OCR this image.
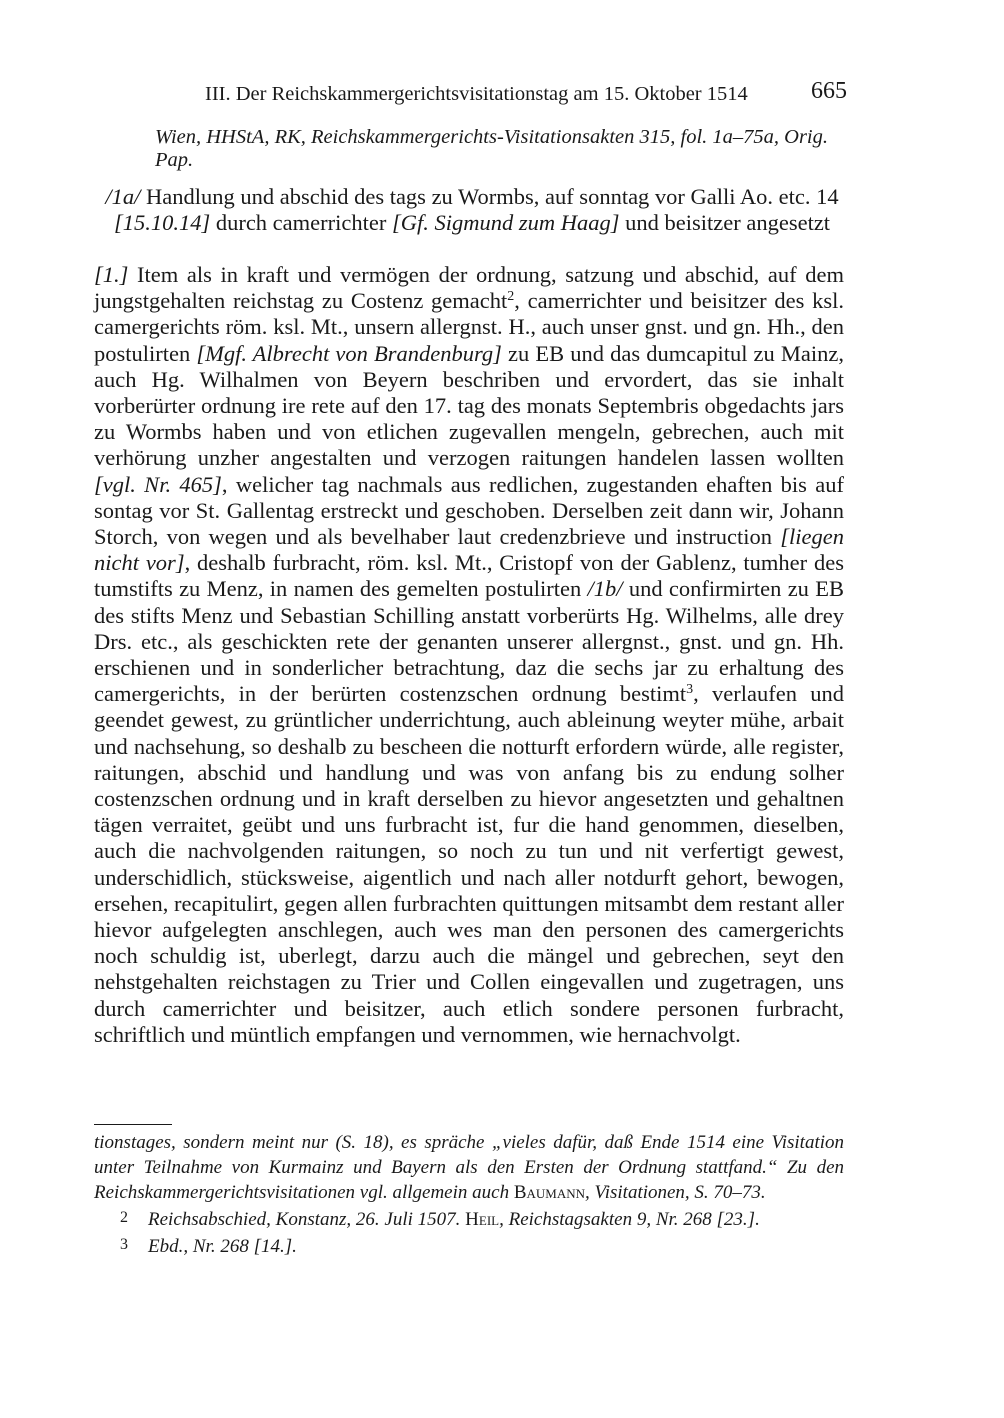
III. Der Reichskammergerichtsvisitationstag am 15. Oktober 1514	665
Wien, HHStA, RK, Reichskammergerichts-Visitationsakten 315, fol. 1a–75a, Orig. Pap.
/1a/ Handlung und abschid des tags zu Wormbs, auf sonntag vor Galli Ao. etc. 14 [15.10.14] durch camerrichter [Gf. Sigmund zum Haag] und beisitzer angesetzt
[1.] Item als in kraft und vermögen der ordnung, satzung und abschid, auf dem jungstgehalten reichstag zu Costenz gemacht$^2$, camerrichter und beisitzer des ksl. camergerichts röm. ksl. Mt., unsern allergnst. H., auch unser gnst. und gn. Hh., den postulirten [Mgf. Albrecht von Brandenburg] zu EB und das dumcapitul zu Mainz, auch Hg. Wilhalmen von Beyern beschriben und ervordert, das sie inhalt vorberürter ordnung ire rete auf den 17. tag des monats Septembris obgedachts jars zu Wormbs haben und von etlichen zugevallen mengeln, gebrechen, auch mit verhörung unzher angestalten und verzogen raitungen handelen lassen wollten [vgl. Nr. 465], welicher tag nachmals aus redlichen, zugestanden ehaften bis auf sontag vor St. Gallentag erstreckt und geschoben. Derselben zeit dann wir, Johann Storch, von wegen und als bevelhaber laut credenzbrieve und instruction [liegen nicht vor], deshalb furbracht, röm. ksl. Mt., Cristopf von der Gablenz, tumher des tumstifts zu Menz, in namen des gemelten postulirten /1b/ und confirmirten zu EB des stifts Menz und Sebastian Schilling anstatt vorberürts Hg. Wilhelms, alle drey Drs. etc., als geschickten rete der genanten unserer allergnst., gnst. und gn. Hh. erschienen und in sonderlicher betrachtung, daz die sechs jar zu erhaltung des camergerichts, in der berürten costenzschen ordnung bestimt$^3$, verlaufen und geendet gewest, zu grüntlicher underrichtung, auch ableinung weyter mühe, arbait und nachsehung, so deshalb zu bescheen die notturft erfordern würde, alle register, raitungen, abschid und handlung und was von anfang bis zu endung solher costenzschen ordnung und in kraft derselben zu hievor angesetzten und gehaltnen tägen verraitet, geübt und uns furbracht ist, fur die hand genommen, dieselben, auch die nachvolgenden raitungen, so noch zu tun und nit verfertigt gewest, underschidlich, stücksweise, aigentlich und nach aller notdurft gehort, bewogen, ersehen, recapitulirt, gegen allen furbrachten quittungen mitsambt dem restant aller hievor aufgelegten anschlegen, auch wes man den personen des camergerichts noch schuldig ist, uberlegt, darzu auch die mängel und gebrechen, seyt den nehstgehalten reichstagen zu Trier und Collen eingevallen und zugetragen, uns durch camerrichter und beisitzer, auch etlich sondere personen furbracht, schriftlich und müntlich empfangen und vernommen, wie hernachvolgt.

tionstages, sondern meint nur (S. 18), es spräche „vieles dafür, daß Ende 1514 eine Visitation unter Teilnahme von Kurmainz und Bayern als den Ersten der Ordnung stattfand.“ Zu den Reichskammergerichtsvisitationen vgl. allgemein auch Baumann, Visitationen, S. 70–73.

2 Reichsabschied, Konstanz, 26. Juli 1507. Heil, Reichstagsakten 9, Nr. 268 [23.].

3 Ebd., Nr. 268 [14.].
